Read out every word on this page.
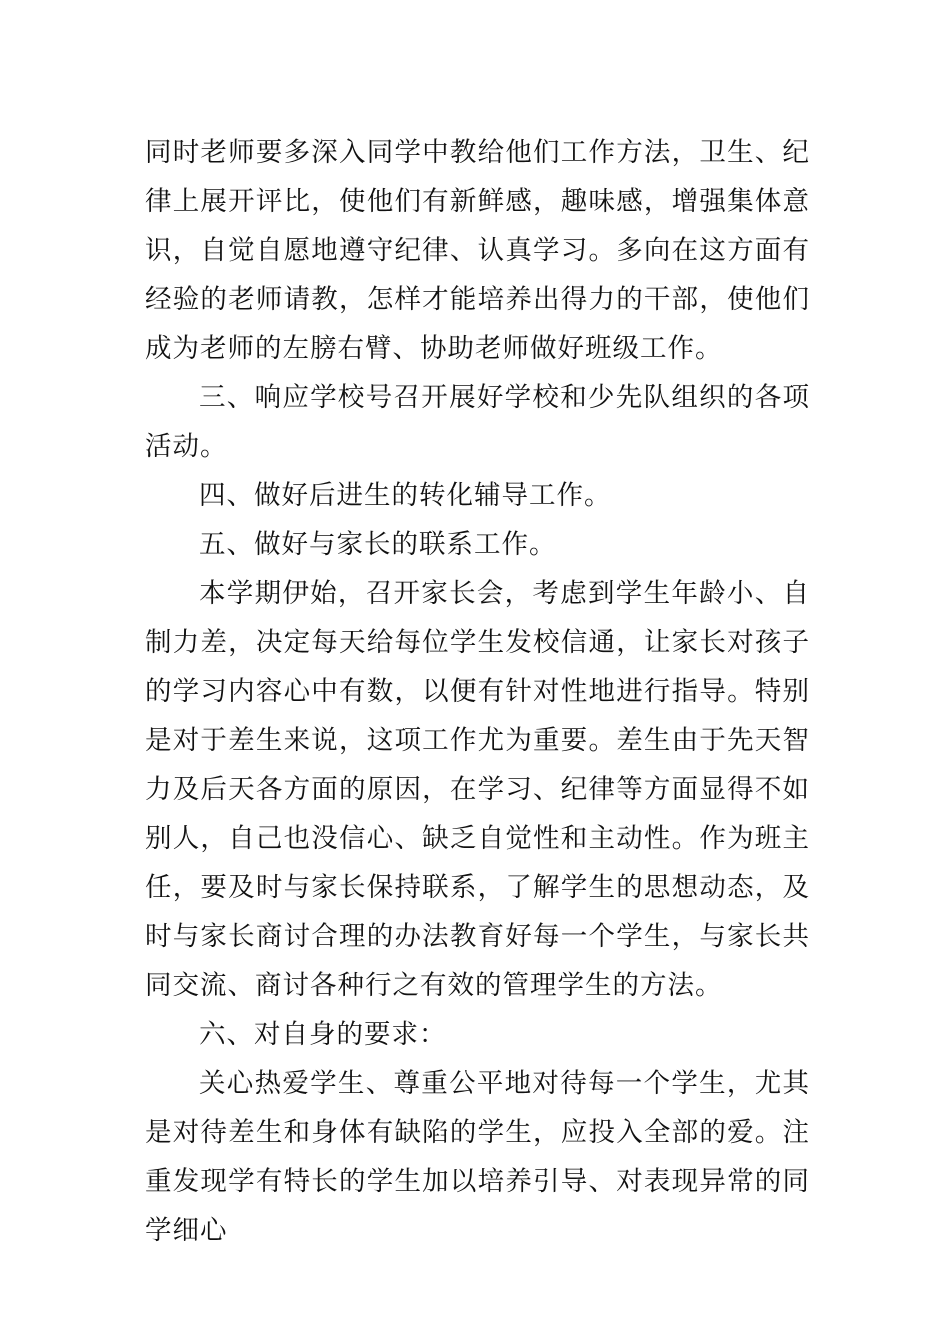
同时老师要多深入同学中教给他们工作方法，卫生、纪律上展开评比，使他们有新鲜感，趣味感，增强集体意识，自觉自愿地遵守纪律、认真学习。多向在这方面有经验的老师请教，怎样才能培养出得力的干部，使他们成为老师的左膀右臂、协助老师做好班级工作。

三、响应学校号召开展好学校和少先队组织的各项活动。

四、做好后进生的转化辅导工作。

五、做好与家长的联系工作。

本学期伊始，召开家长会，考虑到学生年龄小、自制力差，决定每天给每位学生发校信通，让家长对孩子的学习内容心中有数，以便有针对性地进行指导。特别是对于差生来说，这项工作尤为重要。差生由于先天智力及后天各方面的原因，在学习、纪律等方面显得不如别人，自己也没信心、缺乏自觉性和主动性。作为班主任，要及时与家长保持联系，了解学生的思想动态，及时与家长商讨合理的办法教育好每一个学生，与家长共同交流、商讨各种行之有效的管理学生的方法。

六、对自身的要求：

关心热爱学生、尊重公平地对待每一个学生，尤其是对待差生和身体有缺陷的学生，应投入全部的爱。注重发现学有特长的学生加以培养引导、对表现异常的同学细心
